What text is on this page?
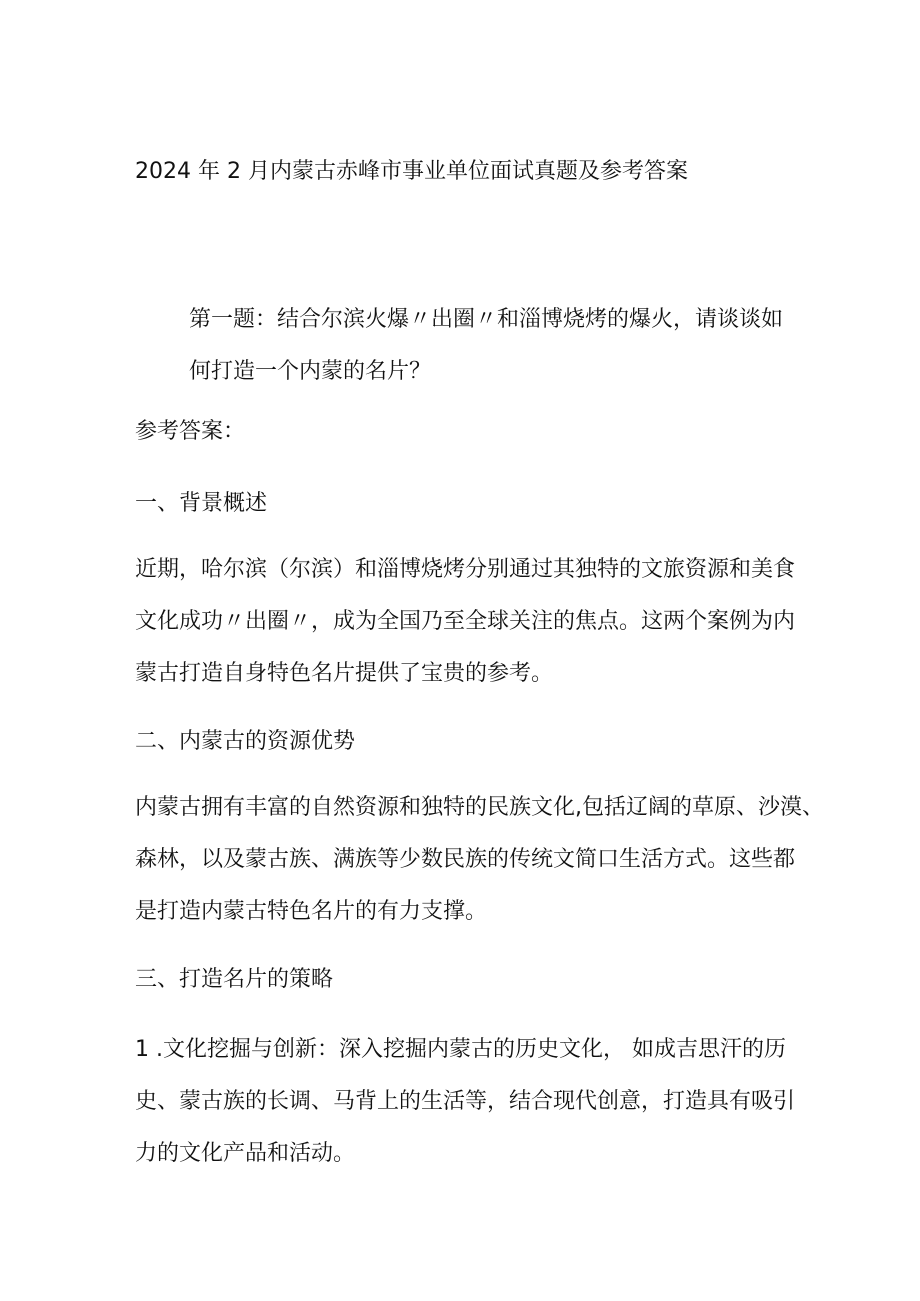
2024 年 2 月内蒙古赤峰市事业单位面试真题及参考答案
第一题：结合尔滨火爆〃出圈〃和淄博烧烤的爆火，请谈谈如
何打造一个内蒙的名片？
参考答案：
一、背景概述
近期，哈尔滨（尔滨）和淄博烧烤分别通过其独特的文旅资源和美食
文化成功〃出圈〃，成为全国乃至全球关注的焦点。这两个案例为内
蒙古打造自身特色名片提供了宝贵的参考。
二、内蒙古的资源优势
内蒙古拥有丰富的自然资源和独特的民族文化,包括辽阔的草原、沙漠、
森林，以及蒙古族、满族等少数民族的传统文简口生活方式。这些都
是打造内蒙古特色名片的有力支撑。
三、打造名片的策略
1 .文化挖掘与创新：深入挖掘内蒙古的历史文化， 如成吉思汗的历
史、蒙古族的长调、马背上的生活等，结合现代创意，打造具有吸引
力的文化产品和活动。
